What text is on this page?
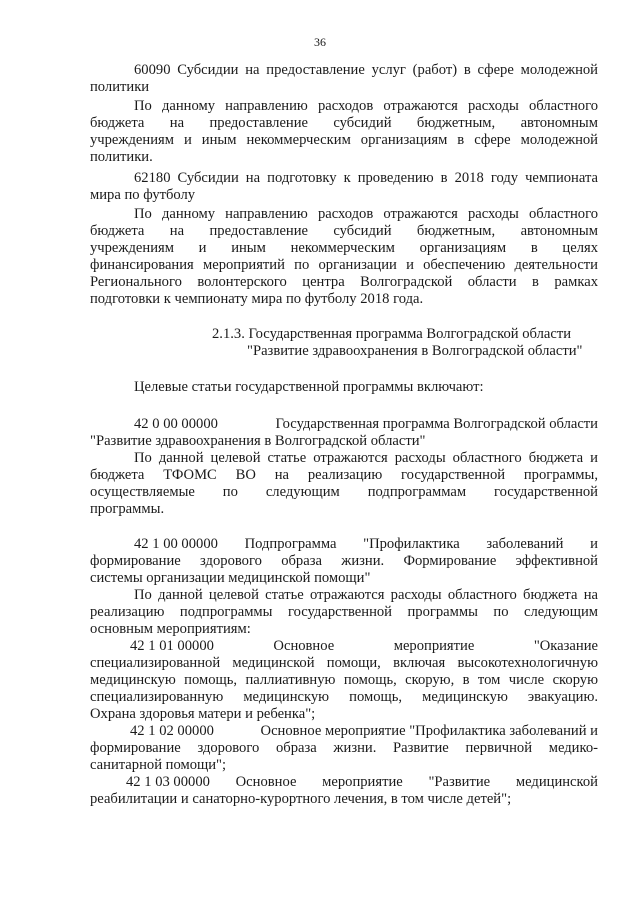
36
60090 Субсидии на предоставление услуг (работ) в сфере молодежной
политики
По данному направлению расходов отражаются расходы областного
бюджета на предоставление субсидий бюджетным, автономным
учреждениям и иным некоммерческим организациям в сфере молодежной
политики.
62180 Субсидии на подготовку к проведению в 2018 году чемпионата
мира по футболу
По данному направлению расходов отражаются расходы областного
бюджета на предоставление субсидий бюджетным, автономным
учреждениям и иным некоммерческим организациям в целях
финансирования мероприятий по организации и обеспечению деятельности
Регионального волонтерского центра Волгоградской области в рамках
подготовки к чемпионату мира по футболу 2018 года.
2.1.3. Государственная программа Волгоградской области
"Развитие здравоохранения в Волгоградской области"
Целевые статьи государственной программы включают:
42 0 00 00000	Государственная программа Волгоградской области
"Развитие здравоохранения в Волгоградской области"
По данной целевой статье отражаются расходы областного бюджета и
бюджета ТФОМС ВО на реализацию государственной программы,
осуществляемые по следующим подпрограммам государственной
программы.
42 1 00 00000 Подпрограмма "Профилактика заболеваний и
формирование здорового образа жизни. Формирование эффективной
системы организации медицинской помощи"
По данной целевой статье отражаются расходы областного бюджета на
реализацию подпрограммы государственной программы по следующим
основным мероприятиям:
42 1 01 00000	Основное	мероприятие	"Оказание
специализированной медицинской помощи, включая высокотехнологичную
медицинскую помощь, паллиативную помощь, скорую, в том числе скорую
специализированную медицинскую помощь, медицинскую эвакуацию.
Охрана здоровья матери и ребенка";
42 1 02 00000	Основное мероприятие "Профилактика заболеваний и
формирование здорового образа жизни. Развитие первичной медико-
санитарной помощи";
42 1 03 00000 Основное мероприятие "Развитие медицинской
реабилитации и санаторно-курортного лечения, в том числе детей";
